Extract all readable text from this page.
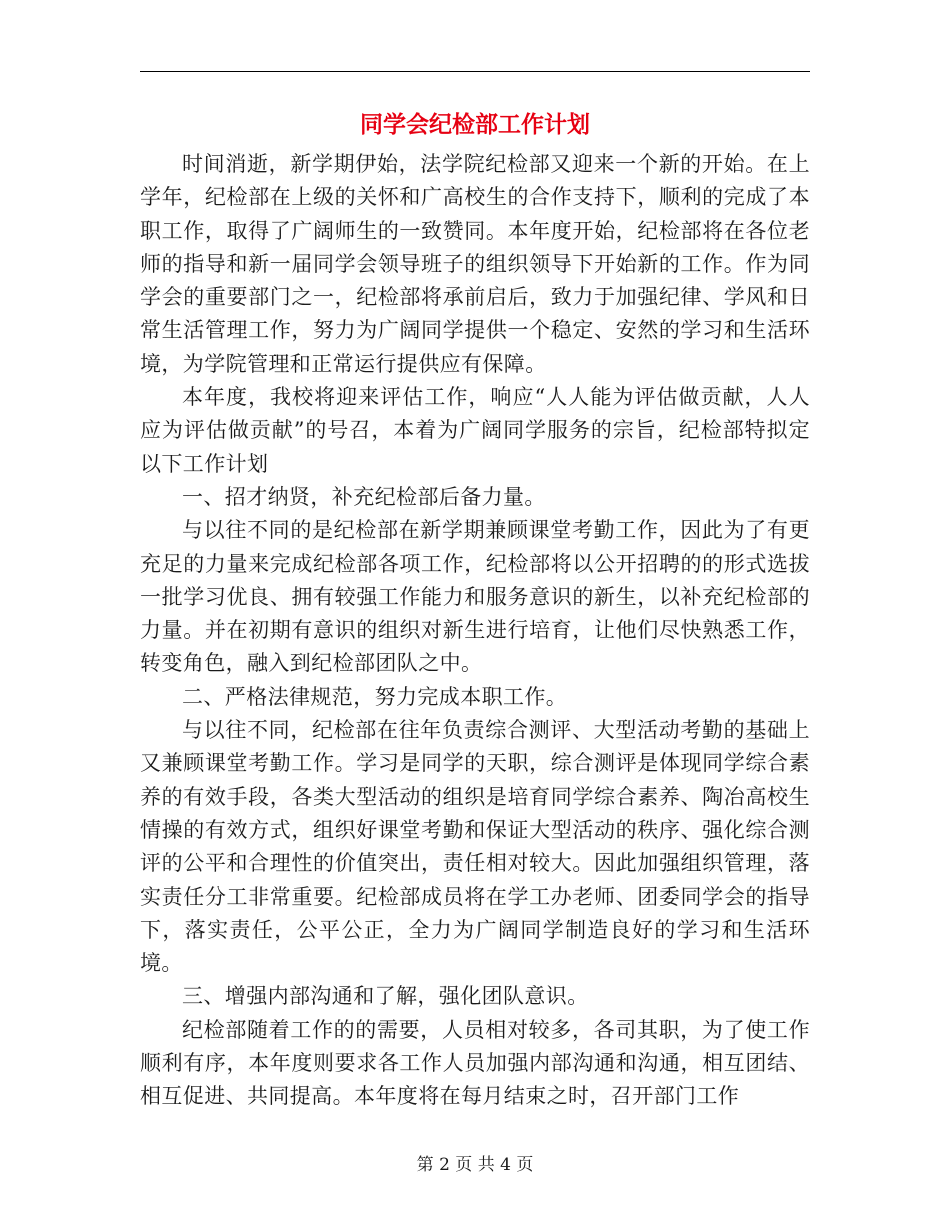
同学会纪检部工作计划

时间消逝，新学期伊始，法学院纪检部又迎来一个新的开始。在上学年，纪检部在上级的关怀和广高校生的合作支持下，顺利的完成了本职工作，取得了广阔师生的一致赞同。本年度开始，纪检部将在各位老师的指导和新一届同学会领导班子的组织领导下开始新的工作。作为同学会的重要部门之一，纪检部将承前启后，致力于加强纪律、学风和日常生活管理工作，努力为广阔同学提供一个稳定、安然的学习和生活环境，为学院管理和正常运行提供应有保障。

本年度，我校将迎来评估工作，响应“人人能为评估做贡献，人人应为评估做贡献”的号召，本着为广阔同学服务的宗旨，纪检部特拟定以下工作计划

一、招才纳贤，补充纪检部后备力量。

与以往不同的是纪检部在新学期兼顾课堂考勤工作，因此为了有更充足的力量来完成纪检部各项工作，纪检部将以公开招聘的的形式选拔一批学习优良、拥有较强工作能力和服务意识的新生，以补充纪检部的力量。并在初期有意识的组织对新生进行培育，让他们尽快熟悉工作，转变角色，融入到纪检部团队之中。

二、严格法律规范，努力完成本职工作。

与以往不同，纪检部在往年负责综合测评、大型活动考勤的基础上又兼顾课堂考勤工作。学习是同学的天职，综合测评是体现同学综合素养的有效手段，各类大型活动的组织是培育同学综合素养、陶冶高校生情操的有效方式，组织好课堂考勤和保证大型活动的秩序、强化综合测评的公平和合理性的价值突出，责任相对较大。因此加强组织管理，落实责任分工非常重要。纪检部成员将在学工办老师、团委同学会的指导下，落实责任，公平公正，全力为广阔同学制造良好的学习和生活环境。

三、增强内部沟通和了解，强化团队意识。

纪检部随着工作的的需要，人员相对较多，各司其职，为了使工作顺利有序，本年度则要求各工作人员加强内部沟通和沟通，相互团结、相互促进、共同提高。本年度将在每月结束之时，召开部门工作

第 2 页 共 4 页
